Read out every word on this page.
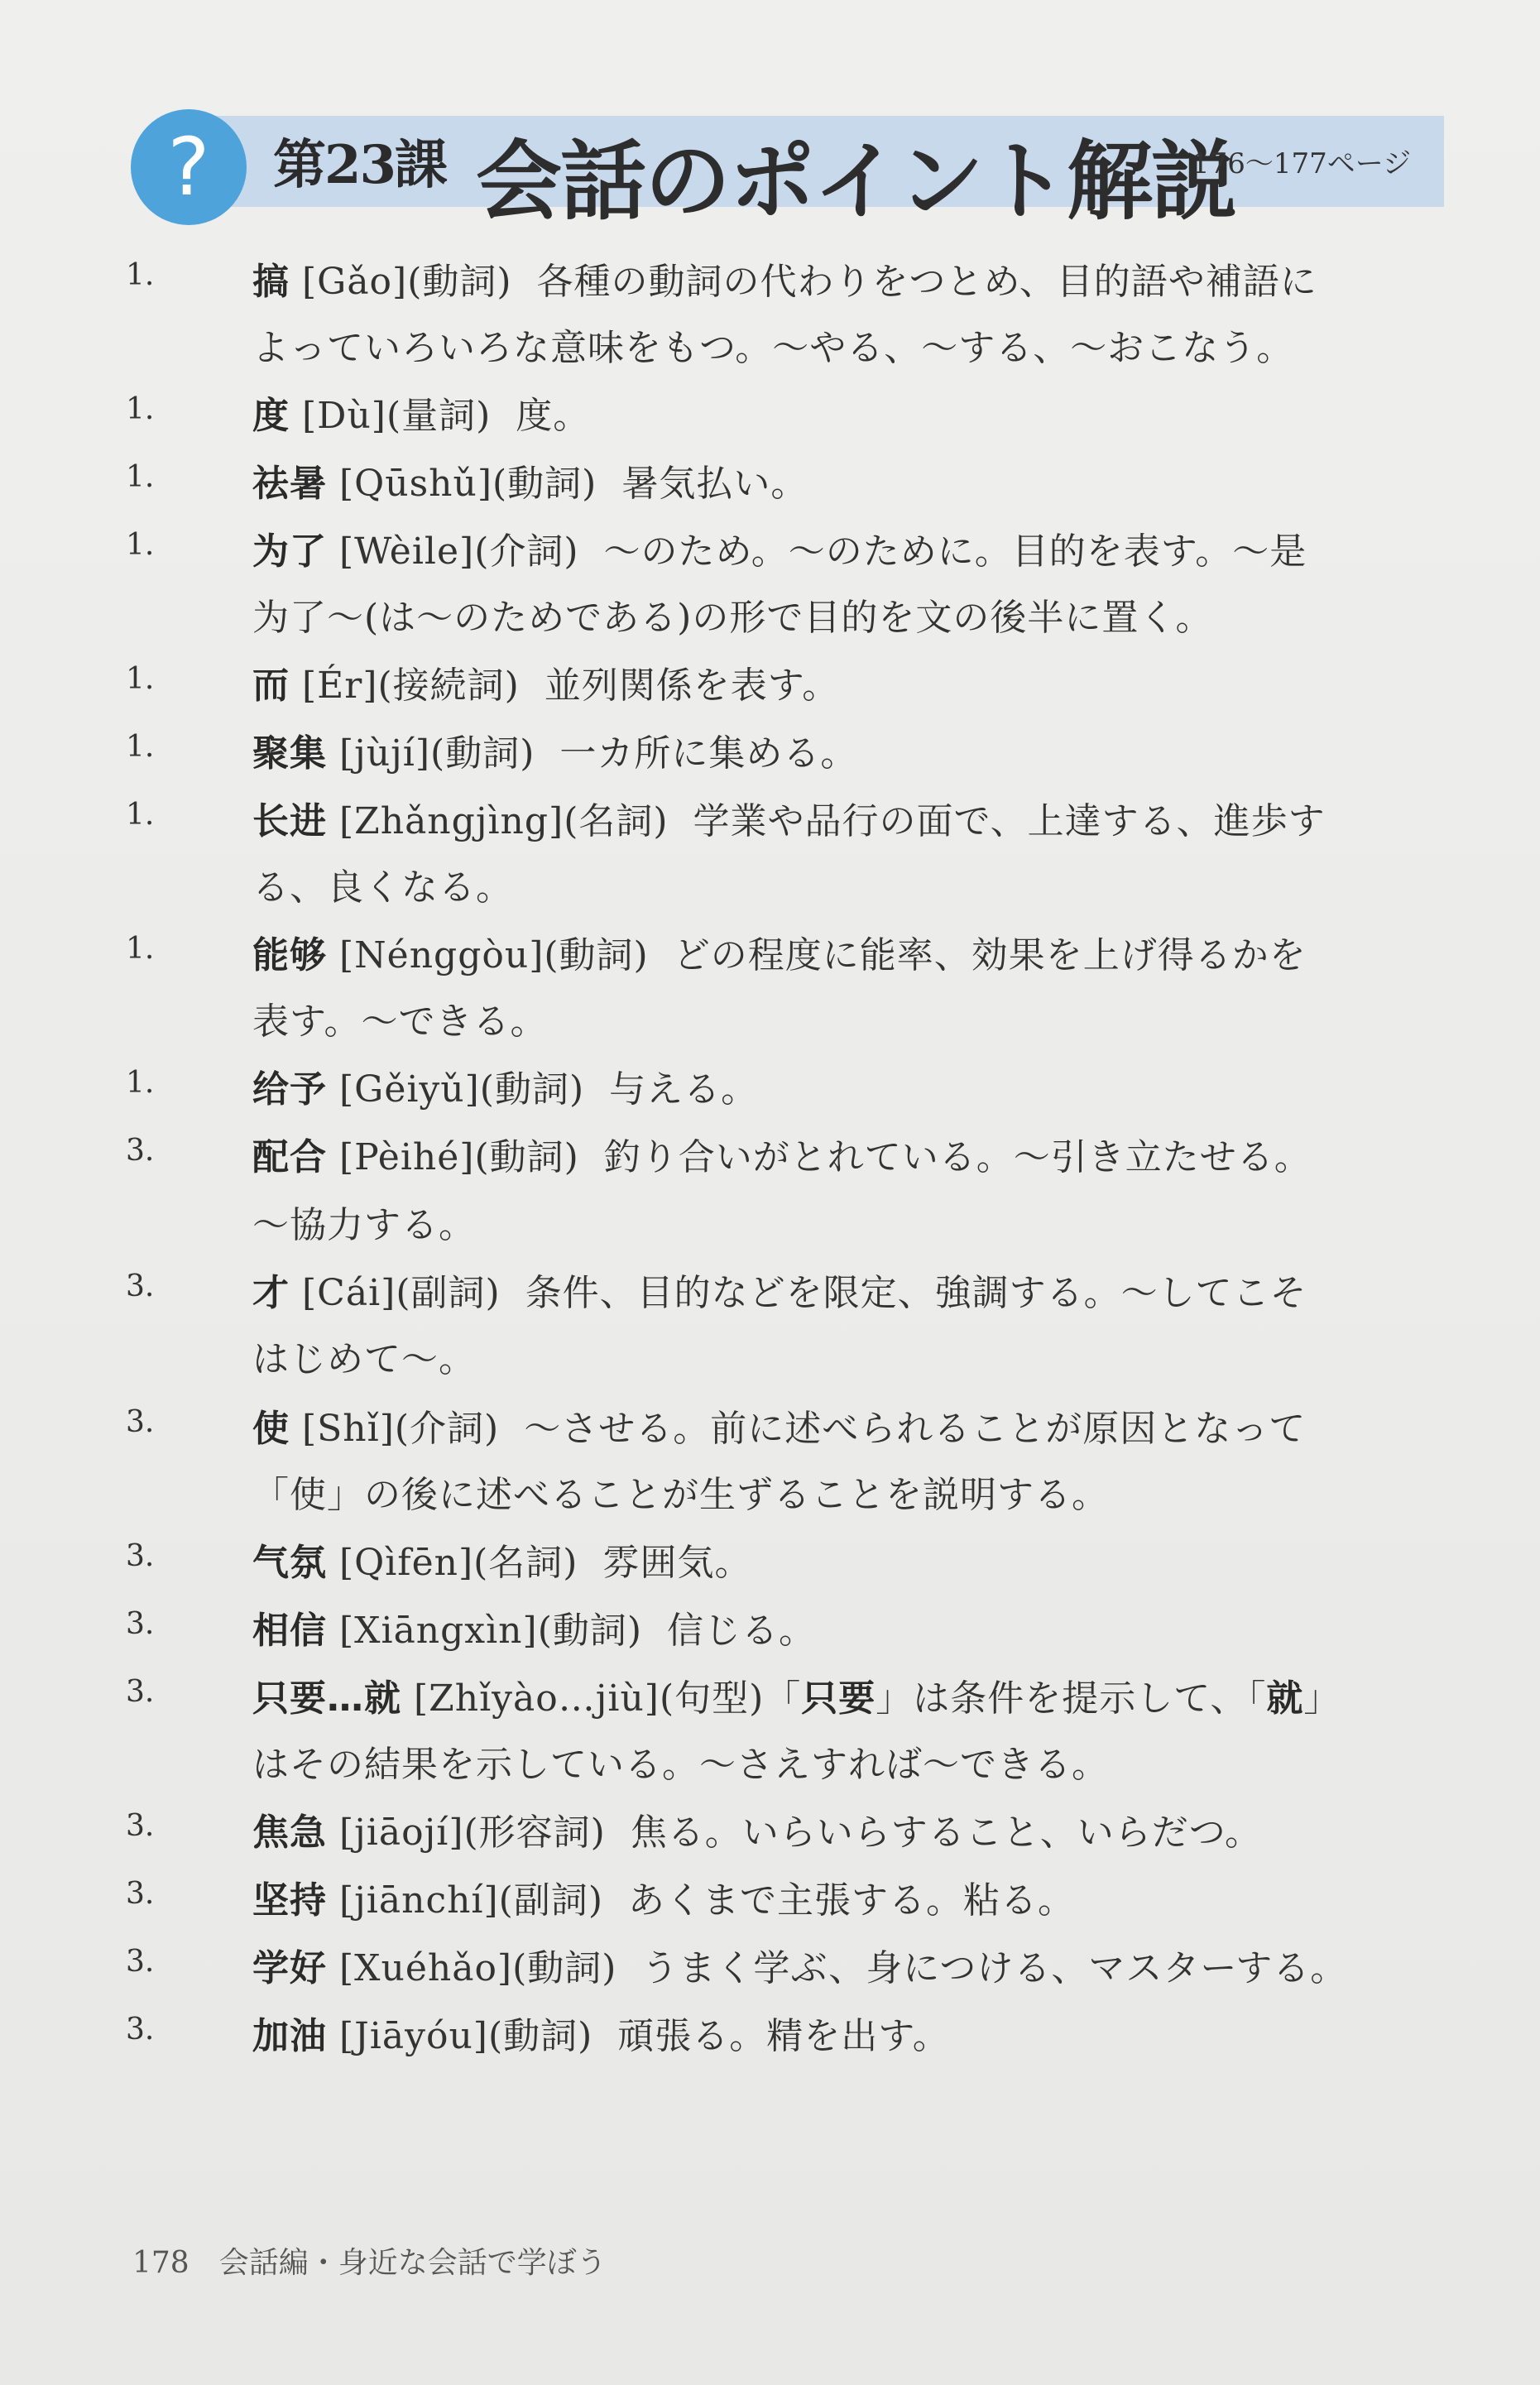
? 第23課 会話のポイント解説
176～177ページ
1.	搞 [Gǎo](動詞) 各種の動詞の代わりをつとめ、目的語や補語に
よっていろいろな意味をもつ。～やる、～する、～おこなう。
1.	度 [Dù](量詞) 度。
1.	祛暑 [Qūshǔ](動詞) 暑気払い。
1.	为了 [Wèile](介詞) ～のため。～のために。目的を表す。～是
为了～(は～のためである)の形で目的を文の後半に置く。
1.	而 [Ér](接続詞) 並列関係を表す。
1.	聚集 [jùjí](動詞) 一カ所に集める。
1.	长进 [Zhǎngjìng](名詞) 学業や品行の面で、上達する、進歩す
る、良くなる。
1.	能够 [Nénggòu](動詞) どの程度に能率、効果を上げ得るかを
表す。～できる。
1.	给予 [Gěiyǔ](動詞) 与える。
3.	配合 [Pèihé](動詞) 釣り合いがとれている。～引き立たせる。
～協力する。
3.	才 [Cái](副詞) 条件、目的などを限定、強調する。～してこそ
はじめて～。
3.	使 [Shǐ](介詞) ～させる。前に述べられることが原因となって
「使」の後に述べることが生ずることを説明する。
3.	气氛 [Qìfēn](名詞) 雰囲気。
3.	相信 [Xiāngxìn](動詞) 信じる。
3.	只要…就 [Zhǐyào…jiù](句型)「只要」は条件を提示して、「就」
はその結果を示している。～さえすれば～できる。
3.	焦急 [jiāojí](形容詞) 焦る。いらいらすること、いらだつ。
3.	坚持 [jiānchí](副詞) あくまで主張する。粘る。
3.	学好 [Xuéhǎo](動詞) うまく学ぶ、身につける、マスターする。
3.	加油 [Jiāyóu](動詞) 頑張る。精を出す。
178 会話編・身近な会話で学ぼう
